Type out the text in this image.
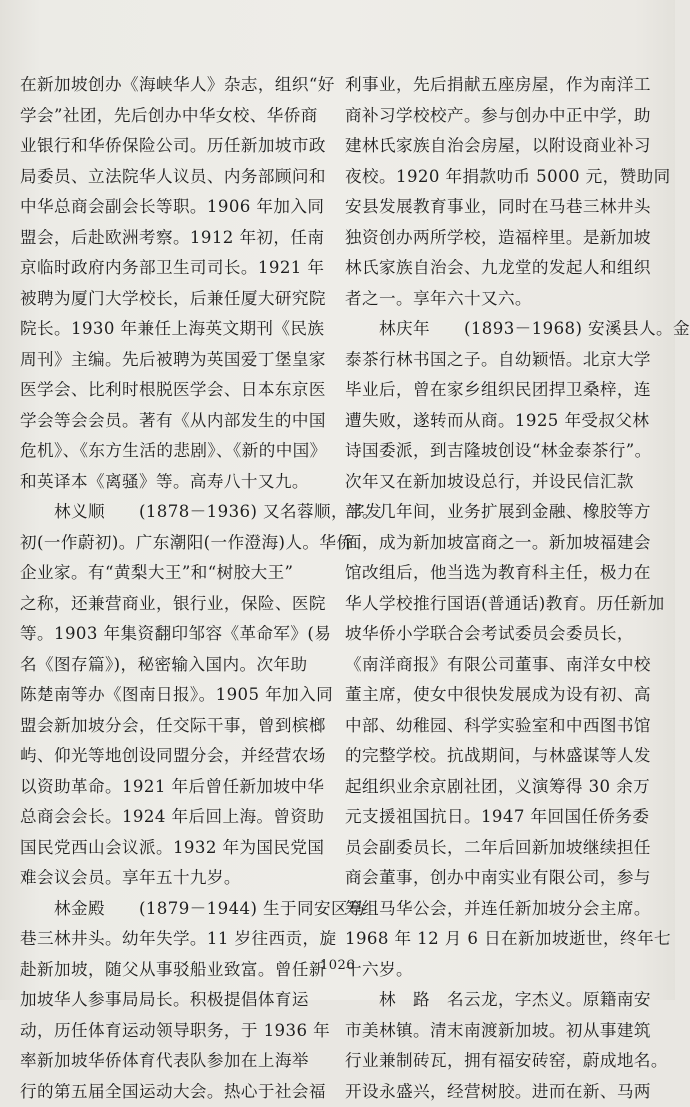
在新加坡创办《海峡华人》杂志，组织“好
学会”社团，先后创办中华女校、华侨商
业银行和华侨保险公司。历任新加坡市政
局委员、立法院华人议员、内务部顾问和
中华总商会副会长等职。1906 年加入同
盟会，后赴欧洲考察。1912 年初，任南
京临时政府内务部卫生司司长。1921 年
被聘为厦门大学校长，后兼任厦大研究院
院长。1930 年兼任上海英文期刊《民族
周刊》主编。先后被聘为英国爱丁堡皇家
医学会、比利时根脱医学会、日本东京医
学会等会会员。著有《从内部发生的中国
危机》、《东方生活的悲剧》、《新的中国》
和英译本《离骚》等。高寿八十又九。
　　林义顺　　(1878－1936) 又名蓉顺，字发
初(一作蔚初)。广东潮阳(一作澄海)人。华侨
企业家。有“黄梨大王”和“树胶大王”
之称，还兼营商业，银行业，保险、医院
等。1903 年集资翻印邹容《革命军》(易
名《图存篇》)，秘密输入国内。次年助
陈楚南等办《图南日报》。1905 年加入同
盟会新加坡分会，任交际干事，曾到槟榔
屿、仰光等地创设同盟分会，并经营农场
以资助革命。1921 年后曾任新加坡中华
总商会会长。1924 年后回上海。曾资助
国民党西山会议派。1932 年为国民党国
难会议会员。享年五十九岁。
　　林金殿　　(1879－1944) 生于同安区马
巷三林井头。幼年失学。11 岁往西贡，旋
赴新加坡，随父从事驳船业致富。曾任新
加坡华人参事局局长。积极提倡体育运
动，历任体育运动领导职务，于 1936 年
率新加坡华侨体育代表队参加在上海举
行的第五届全国运动大会。热心于社会福
利事业，先后捐献五座房屋，作为南洋工
商补习学校校产。参与创办中正中学，助
建林氏家族自治会房屋，以附设商业补习
夜校。1920 年捐款叻币 5000 元，赞助同
安县发展教育事业，同时在马巷三林井头
独资创办两所学校，造福梓里。是新加坡
林氏家族自治会、九龙堂的发起人和组织
者之一。享年六十又六。
　　林庆年　　(1893－1968) 安溪县人。金
泰茶行林书国之子。自幼颖悟。北京大学
毕业后，曾在家乡组织民团捍卫桑梓，连
遭失败，遂转而从商。1925 年受叔父林
诗国委派，到吉隆坡创设“林金泰茶行”。
次年又在新加坡设总行，并设民信汇款
部。几年间，业务扩展到金融、橡胶等方
面，成为新加坡富商之一。新加坡福建会
馆改组后，他当选为教育科主任，极力在
华人学校推行国语(普通话)教育。历任新加
坡华侨小学联合会考试委员会委员长，
《南洋商报》有限公司董事、南洋女中校
董主席，使女中很快发展成为设有初、高
中部、幼稚园、科学实验室和中西图书馆
的完整学校。抗战期间，与林盛谋等人发
起组织业余京剧社团，义演筹得 30 余万
元支援祖国抗日。1947 年回国任侨务委
员会副委员长，二年后回新加坡继续担任
商会董事，创办中南实业有限公司，参与
筹组马华公会，并连任新加坡分会主席。
1968 年 12 月 6 日在新加坡逝世，终年七
十六岁。
　　林　路　名云龙，字杰义。原籍南安
市美林镇。清末南渡新加坡。初从事建筑
行业兼制砖瓦，拥有福安砖窑，蔚成地名。
开设永盛兴，经营树胶。进而在新、马两
1026
